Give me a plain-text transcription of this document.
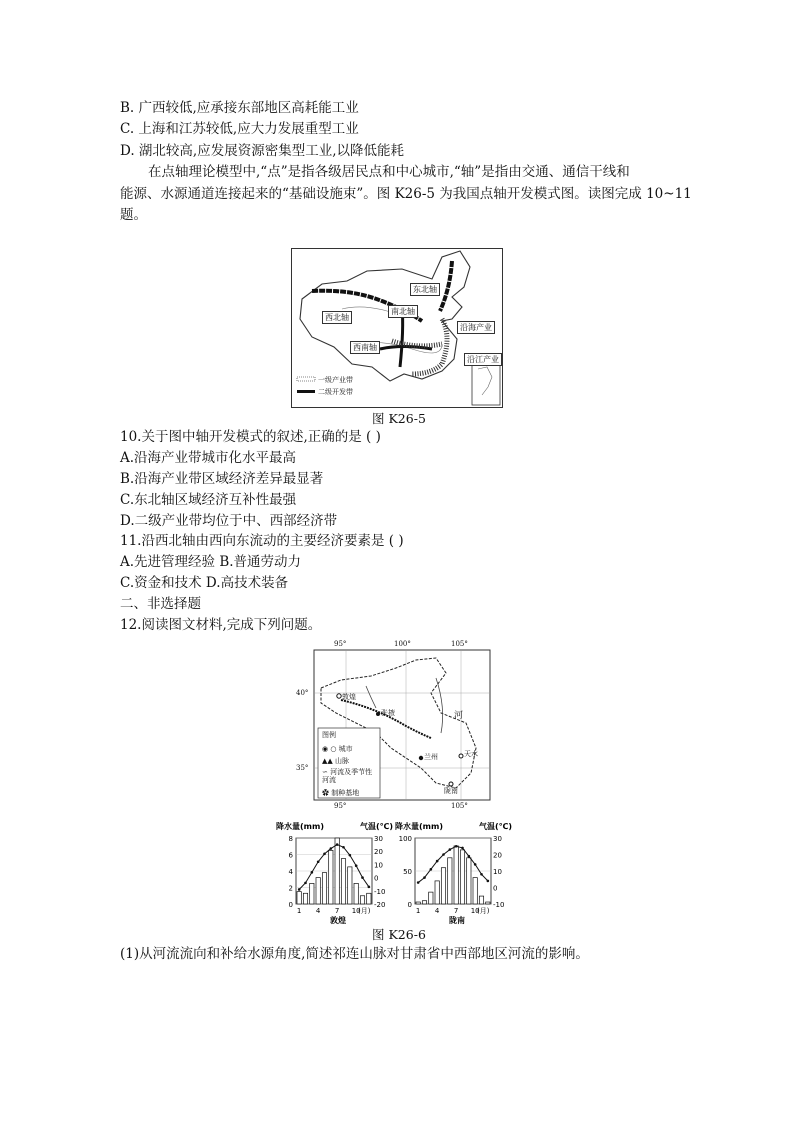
B. 广西较低,应承接东部地区高耗能工业
C. 上海和江苏较低,应大力发展重型工业
D. 湖北较高,应发展资源密集型工业,以降低能耗
在点轴理论模型中,“点”是指各级居民点和中心城市,“轴”是指由交通、通信干线和
能源、水源通道连接起来的“基础设施束”。图 K26-5 为我国点轴开发模式图。读图完成 10~11
题。
东北轴
西北轴
南北轴
沿海产业
西南轴
沿江产业
一级产业带
二级开发带
图 K26-5
10.关于图中轴开发模式的叙述,正确的是 ( )
A.沿海产业带城市化水平最高
B.沿海产业带区域经济差异最显著
C.东北轴区域经济互补性最强
D.二级产业带均位于中、西部经济带
11.沿西北轴由西向东流动的主要经济要素是 ( )
A.先进管理经验 B.普通劳动力
C.资金和技术 D.高技术装备
二、非选择题
12.阅读图文材料,完成下列问题。
95°	100°	105°
40°
35°
95°	105°
敦煌
张掖
兰州	天水
陇南
河
图例
◉ ○ 城市
▲▲ 山脉
∽ 河流及季节性河流
✿ 制种基地
降水量(mm)	气温(℃)
0
2
4
6
8
-20
-10
0
10
20
30
1 4 7 10
(月)
敦煌
降水量(mm)	气温(℃)
0
50
100
-10
0
10
20
30
1 4 7 10
(月)
陇南
图 K26-6
(1)从河流流向和补给水源角度,简述祁连山脉对甘肃省中西部地区河流的影响。
